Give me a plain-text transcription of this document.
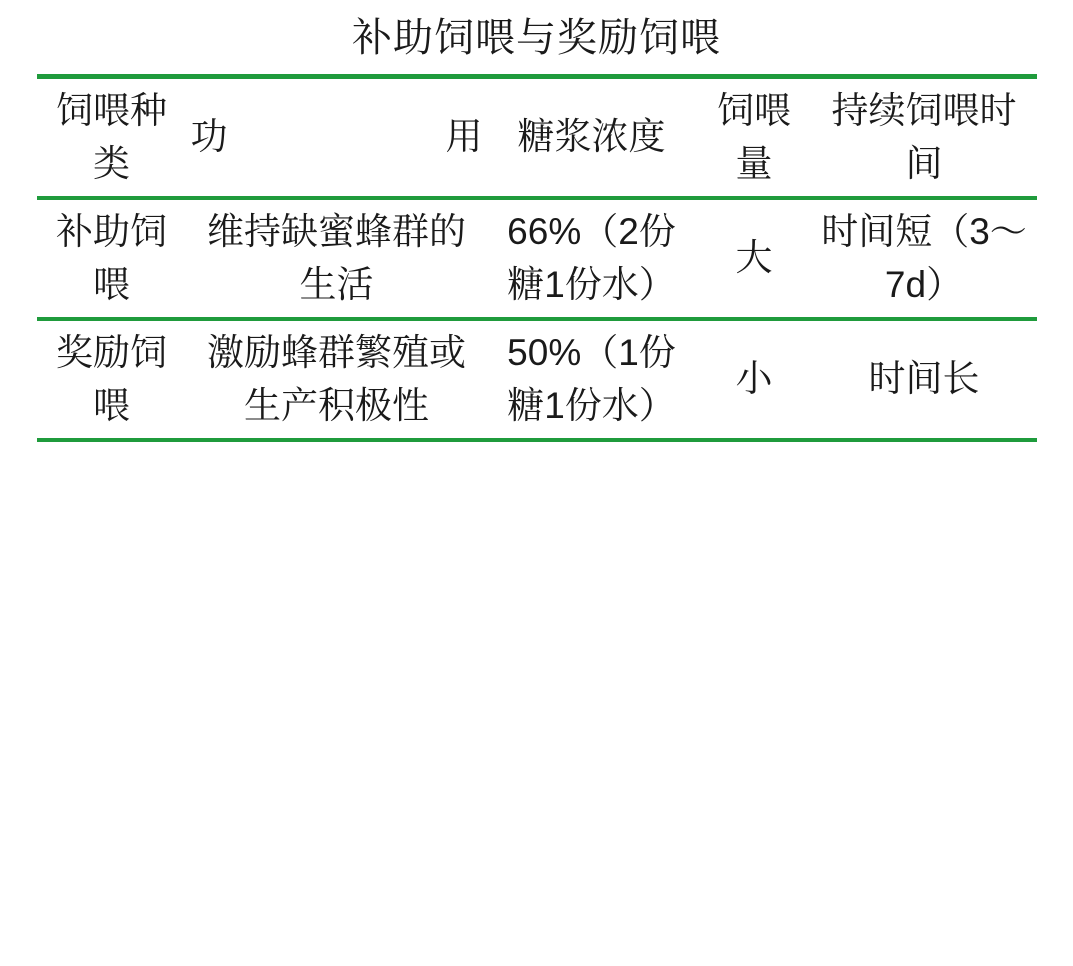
补助饲喂与奖励饲喂
饲喂种类	功用	糖浆浓度	饲喂量	持续饲喂时间
补助饲喂	维持缺蜜蜂群的生活	66%（2份糖1份水）	大	时间短（3～7d）
奖励饲喂	激励蜂群繁殖或生产积极性	50%（1份糖1份水）	小	时间长
